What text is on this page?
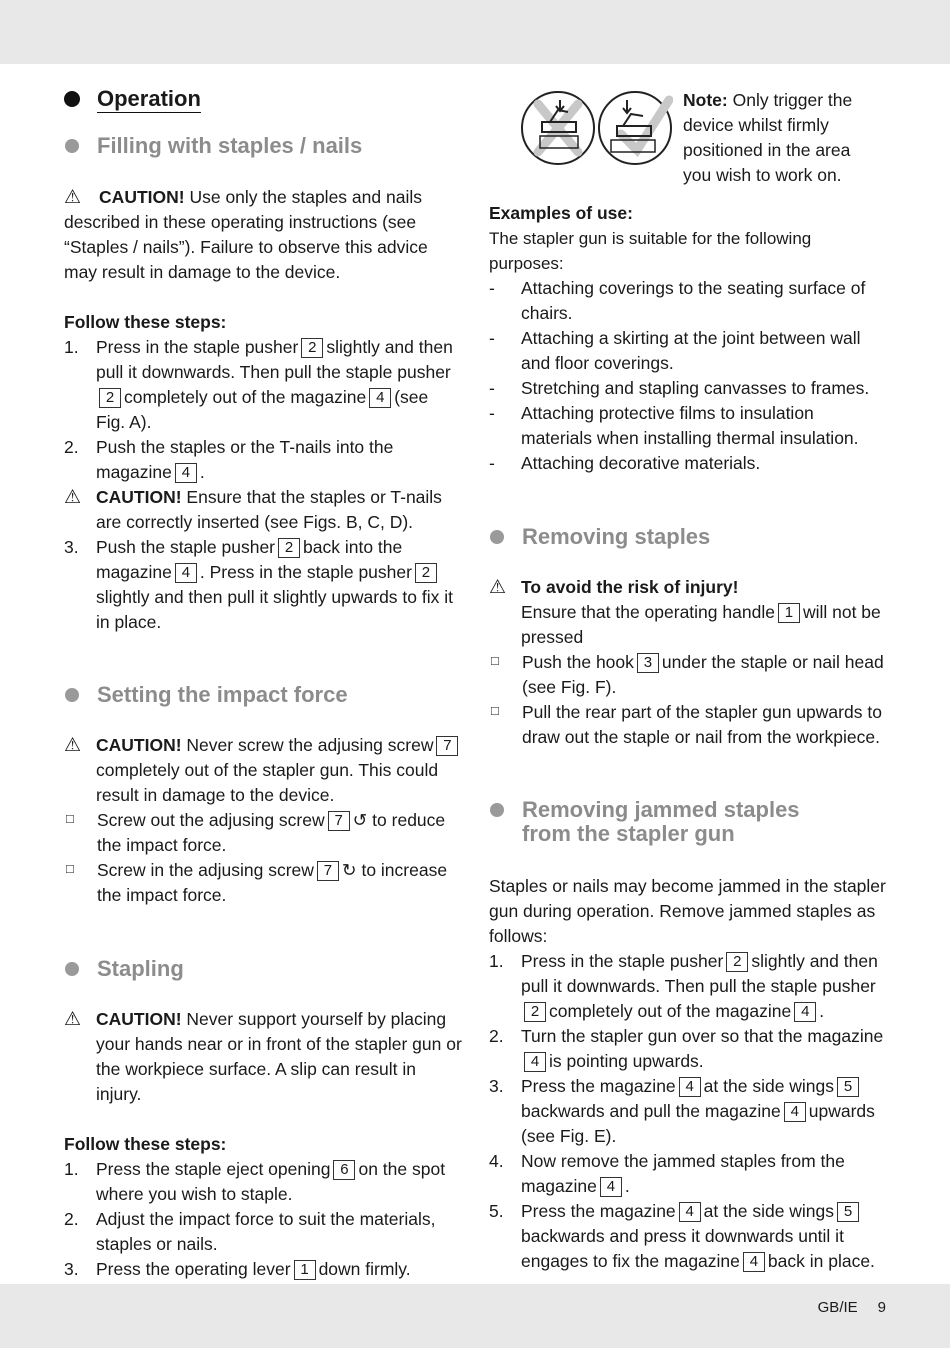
Operation
Filling with staples / nails
⚠ CAUTION! Use only the staples and nails described in these operating instructions (see “Staples / nails”). Failure to observe this advice may result in damage to the device.
Follow these steps:
1. Press in the staple pusher 2 slightly and then pull it downwards. Then pull the staple pusher2 completely out of the magazine 4 (see Fig. A).
2. Push the staples or the T-nails into the magazine 4 .
⚠ CAUTION! Ensure that the staples or T-nails are correctly inserted (see Figs. B, C, D).
3. Push the staple pusher 2 back into the magazine 4 . Press in the staple pusher 2slightly and then pull it slightly upwards to fix it in place.
Setting the impact force
⚠ CAUTION! Never screw the adjusing screw 7completely out of the stapler gun. This could result in damage to the device.
☐	Screw out the adjusing screw 7 ↺ to reduce the impact force.
☐	Screw in the adjusing screw 7 ↻ to increase the impact force.
Stapling
⚠ CAUTION! Never support yourself by placing your hands near or in front of the stapler gun or the workpiece surface. A slip can result in injury.
Follow these steps:
1. Press the staple eject opening 6 on the spot where you wish to staple.
2. Adjust the impact force to suit the materials, staples or nails.
3. Press the operating lever 1 down firmly.
Note: Only trigger the device whilst firmly positioned in the area you wish to work on.
Examples of use:
The stapler gun is suitable for the following purposes:
-	Attaching coverings to the seating surface of chairs.
-	Attaching a skirting at the joint between wall and floor coverings.
-	Stretching and stapling canvasses to frames.
-	Attaching protective films to insulation materials when installing thermal insulation.
-	Attaching decorative materials.
Removing staples
⚠ To avoid the risk of injury!
Ensure that the operating handle 1 will not be pressed
☐	Push the hook 3 under the staple or nail head (see Fig. F).
☐	Pull the rear part of the stapler gun upwards to draw out the staple or nail from the workpiece.
Removing jammed staples
from the stapler gun
Staples or nails may become jammed in the stapler gun during operation. Remove jammed staples as follows:
1. Press in the staple pusher 2 slightly and then pull it downwards. Then pull the staple pusher2 completely out of the magazine 4 .
2. Turn the stapler gun over so that the magazine4 is pointing upwards.
3. Press the magazine 4 at the side wings 5backwards and pull the magazine 4 upwards (see Fig. E).
4. Now remove the jammed staples from the magazine 4 .
5. Press the magazine 4 at the side wings 5backwards and press it downwards until it engages to fix the magazine 4 back in place.
GB/IE 9
